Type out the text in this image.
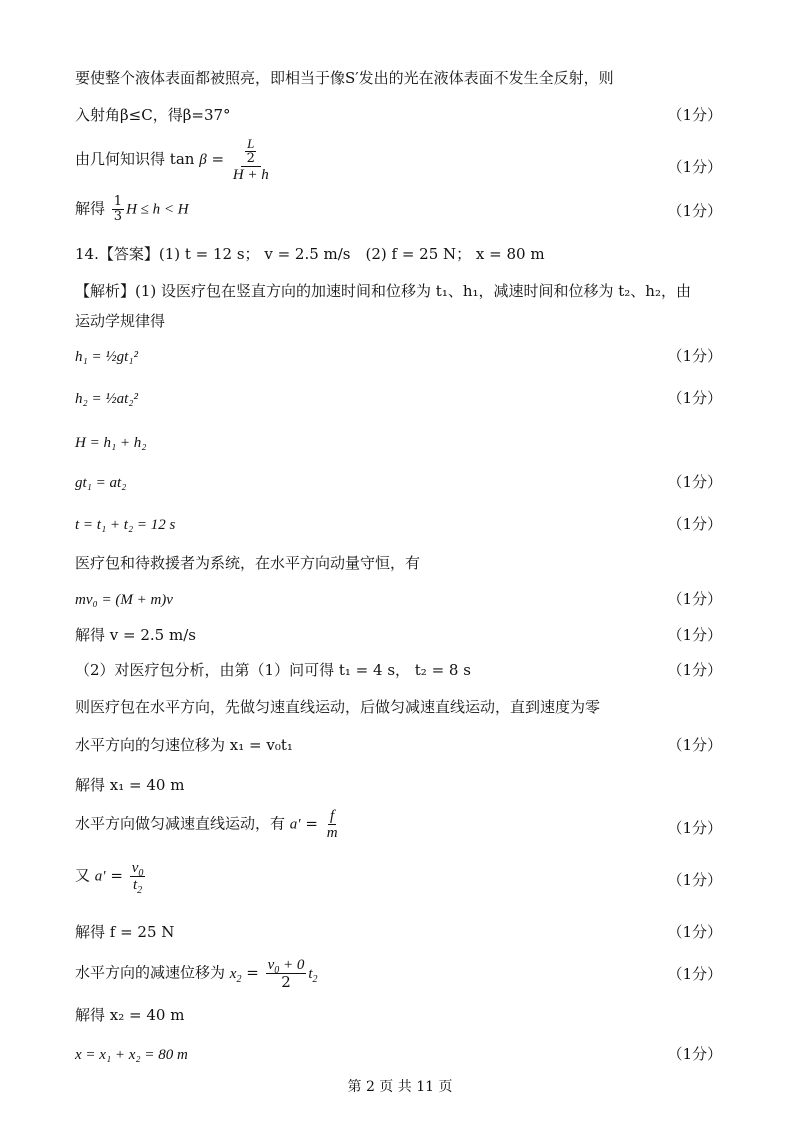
要使整个液体表面都被照亮，即相当于像S′发出的光在液体表面不发生全反射，则
入射角β≤C，得β=37°	（1分）
由几何知识得 $\tan \beta = \frac{\frac{L}{2}}{H + h}$	（1分）
解得 $\frac{1}{3}$ H ≤ h < H	（1分）
14.【答案】(1) t = 12 s； v = 2.5 m/s　(2) f = 25 N； x = 80 m
【解析】(1) 设医疗包在竖直方向的加速时间和位移为 t₁、h₁，减速时间和位移为 t₂、h₂，由
运动学规律得
h₁ = ½gt₁²	（1分）
h₂ = ½at₂²	（1分）
H = h₁ + h₂
gt₁ = at₂	（1分）
t = t₁ + t₂ = 12 s	（1分）
医疗包和待救援者为系统，在水平方向动量守恒，有
mv₀ = (M + m)v	（1分）
解得 v = 2.5 m/s	（1分）
（2）对医疗包分析，由第（1）问可得 t₁ = 4 s， t₂ = 8 s	（1分）
则医疗包在水平方向，先做匀速直线运动，后做匀减速直线运动，直到速度为零
水平方向的匀速位移为 x₁ = v₀t₁	（1分）
解得 x₁ = 40 m
水平方向做匀减速直线运动，有 $a' = \frac{f}{m}$	（1分）
又 $a' = \frac{v_0}{t_2}$	（1分）
解得 f = 25 N	（1分）
水平方向的减速位移为 $x_2 = \frac{v_0 + 0}{2} t_2$	（1分）
解得 x₂ = 40 m
x = x₁ + x₂ = 80 m	（1分）
第 2 页 共 11 页
